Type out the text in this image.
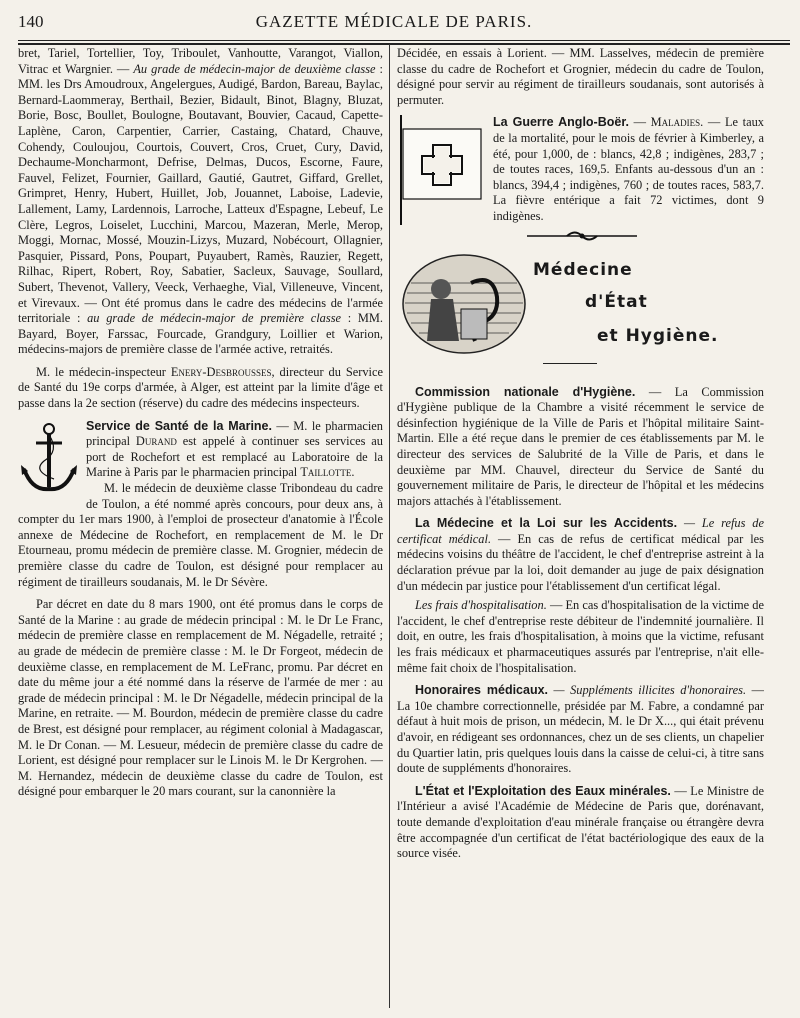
140	GAZETTE MÉDICALE DE PARIS.

bret, Tariel, Tortellier, Toy, Triboulet, Vanhoutte, Varangot, Viallon, Vitrac et Wargnier. — Au grade de médecin-major de deuxième classe : MM. les Drs Amoudroux, Angelergues, Audigé, Bardon, Bareau, Baylac, Bernard-Laommeray, Berthail, Bezier, Bidault, Binot, Blagny, Bluzat, Borie, Bosc, Boullet, Boulogne, Boutavant, Bouvier, Cacaud, Capette-Laplène, Caron, Carpentier, Carrier, Castaing, Chatard, Chauve, Cohendy, Couloujou, Courtois, Couvert, Cros, Cruet, Cury, David, Dechaume-Moncharmont, Defrise, Delmas, Ducos, Escorne, Faure, Fauvel, Felizet, Fournier, Gaillard, Gautié, Gautret, Giffard, Grellet, Grimpret, Henry, Hubert, Huillet, Job, Jouannet, Laboise, Ladevie, Lallement, Lamy, Lardennois, Larroche, Latteux d'Espagne, Lebeuf, Le Clère, Legros, Loiselet, Lucchini, Marcou, Mazeran, Merle, Merop, Moggi, Mornac, Mossé, Mouzin-Lizys, Muzard, Nobécourt, Ollagnier, Pasquier, Pissard, Pons, Poupart, Puyaubert, Ramès, Rauzier, Regett, Rilhac, Ripert, Robert, Roy, Sabatier, Sacleux, Sauvage, Soullard, Subert, Thevenot, Vallery, Veeck, Verhaeghe, Vial, Villeneuve, Vincent, et Virevaux. — Ont été promus dans le cadre des médecins de l'armée territoriale : au grade de médecin-major de première classe : MM. Bayard, Boyer, Farssac, Fourcade, Grandgury, Loillier et Warion, médecins-majors de première classe de l'armée active, retraités.

M. le médecin-inspecteur Enery-Desbrousses, directeur du Service de Santé du 19e corps d'armée, à Alger, est atteint par la limite d'âge et passe dans la 2e section (réserve) du cadre des médecins inspecteurs.

Service de Santé de la Marine. — M. le pharmacien principal Durand est appelé à continuer ses services au port de Rochefort et est remplacé au Laboratoire de la Marine à Paris par le pharmacien principal Taillotte.

M. le médecin de deuxième classe Tribondeau du cadre de Toulon, a été nommé après concours, pour deux ans, à compter du 1er mars 1900, à l'emploi de prosecteur d'anatomie à l'École annexe de Médecine de Rochefort, en remplacement de M. le Dr Etourneau, promu médecin de première classe. M. Grognier, médecin de première classe du cadre de Toulon, est désigné pour remplacer au régiment de tirailleurs soudanais, M. le Dr Sévère.

Par décret en date du 8 mars 1900, ont été promus dans le corps de Santé de la Marine : au grade de médecin principal : M. le Dr Le Franc, médecin de première classe en remplacement de M. Négadelle, retraité ; au grade de médecin de première classe : M. le Dr Forgeot, médecin de deuxième classe, en remplacement de M. LeFranc, promu. Par décret en date du même jour a été nommé dans la réserve de l'armée de mer : au grade de médecin principal : M. le Dr Négadelle, médecin principal de la Marine, en retraite. — M. Bourdon, médecin de première classe du cadre de Brest, est désigné pour remplacer, au régiment colonial à Madagascar, M. le Dr Conan. — M. Lesueur, médecin de première classe du cadre de Lorient, est désigné pour remplacer sur le Linois M. le Dr Kergrohen. — M. Hernandez, médecin de deuxième classe du cadre de Toulon, est désigné pour embarquer le 20 mars courant, sur la canonnière la

Décidée, en essais à Lorient. — MM. Lasselves, médecin de première classe du cadre de Rochefort et Grognier, médecin du cadre de Toulon, désigné pour servir au régiment de tirailleurs soudanais, sont autorisés à permuter.

La Guerre Anglo-Boër. — Maladies. — Le taux de la mortalité, pour le mois de février à Kimberley, a été, pour 1,000, de : blancs, 42,8 ; indigènes, 283,7 ; de toutes races, 169,5. Enfants au-dessous d'un an : blancs, 394,4 ; indigènes, 760 ; de toutes races, 583,7. La fièvre entérique a fait 72 victimes, dont 9 indigènes.

Médecine
d'État
et Hygiène.

Commission nationale d'Hygiène. — La Commission d'Hygiène publique de la Chambre a visité récemment le service de désinfection hygiénique de la Ville de Paris et l'hôpital militaire Saint-Martin. Elle a été reçue dans le premier de ces établissements par M. le directeur des services de Salubrité de la Ville de Paris, et dans le deuxième par MM. Chauvel, directeur du Service de Santé du gouvernement militaire de Paris, le directeur de l'hôpital et les médecins majors attachés à l'établissement.

La Médecine et la Loi sur les Accidents. — Le refus de certificat médical. — En cas de refus de certificat médical par les médecins voisins du théâtre de l'accident, le chef d'entreprise astreint à la déclaration prévue par la loi, doit demander au juge de paix désignation d'un médecin par justice pour l'établissement d'un certificat légal.

Les frais d'hospitalisation. — En cas d'hospitalisation de la victime de l'accident, le chef d'entreprise reste débiteur de l'indemnité journalière. Il doit, en outre, les frais d'hospitalisation, à moins que la victime, refusant les frais médicaux et pharmaceutiques assurés par l'entreprise, n'ait elle-même fait choix de l'hospitalisation.

Honoraires médicaux. — Suppléments illicites d'honoraires. — La 10e chambre correctionnelle, présidée par M. Fabre, a condamné par défaut à huit mois de prison, un médecin, M. le Dr X..., qui était prévenu d'avoir, en rédigeant ses ordonnances, chez un de ses clients, un chapelier du Quartier latin, pris quelques louis dans la caisse de celui-ci, à titre sans doute de suppléments d'honoraires.

L'État et l'Exploitation des Eaux minérales. — Le Ministre de l'Intérieur a avisé l'Académie de Médecine de Paris que, dorénavant, toute demande d'exploitation d'eau minérale française ou étrangère devra être accompagnée d'un certificat de l'état bactériologique des eaux de la source visée.
